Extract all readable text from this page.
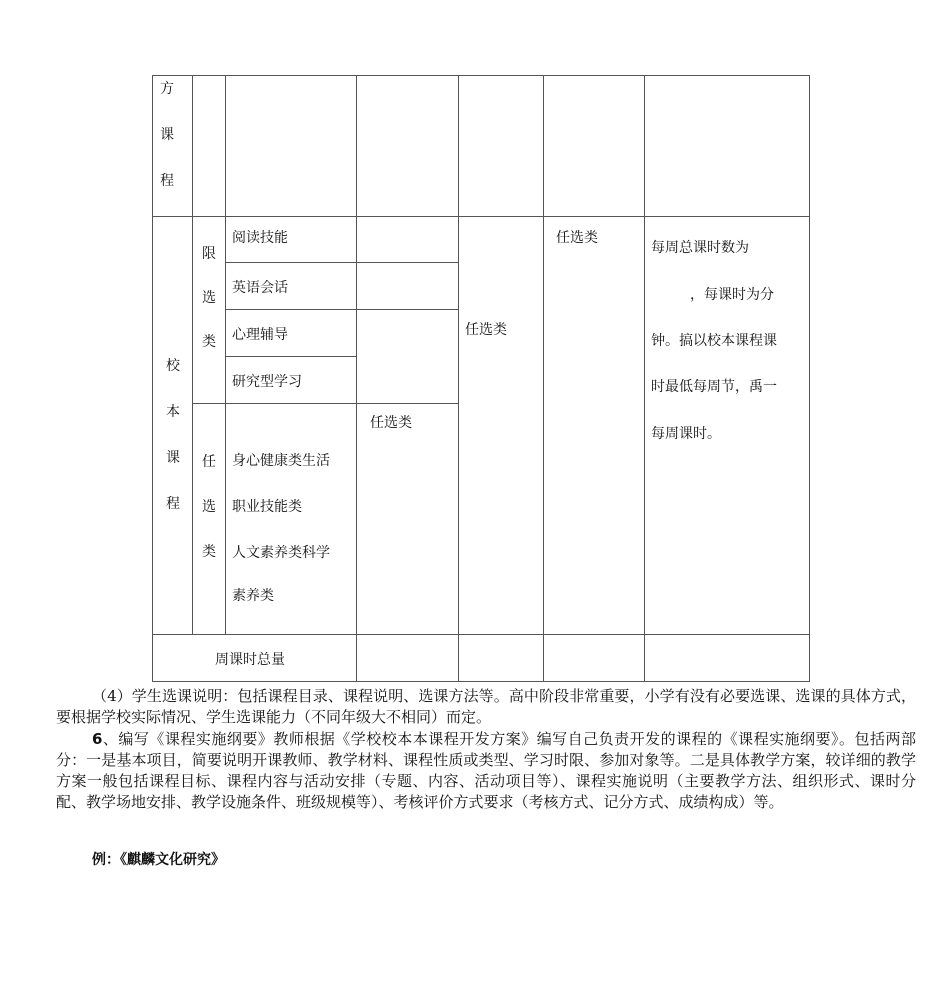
方
课
程
校
本
课
程
限
选
类
任
选
类
阅读技能
英语会话
心理辅导
研究型学习
身心健康类生活
职业技能类
人文素养类科学
素养类
任选类
任选类
任选类
每周总课时数为
，每课时为分
钟。搞以校本课程课
时最低每周节，禹一
每周课时。
周课时总量
（4）学生选课说明：包括课程目录、课程说明、选课方法等。高中阶段非常重要，小学有没有必要选课、选课的具体方式，要根据学校实际情况、学生选课能力（不同年级大不相同）而定。
6、编写《课程实施纲要》教师根据《学校校本本课程开发方案》编写自己负责开发的课程的《课程实施纲要》。包括两部分：一是基本项目，简要说明开课教师、教学材料、课程性质或类型、学习时限、参加对象等。二是具体教学方案，较详细的教学方案一般包括课程目标、课程内容与活动安排（专题、内容、活动项目等）、课程实施说明（主要教学方法、组织形式、课时分配、教学场地安排、教学设施条件、班级规模等）、考核评价方式要求（考核方式、记分方式、成绩构成）等。
例：《麒麟文化研究》
